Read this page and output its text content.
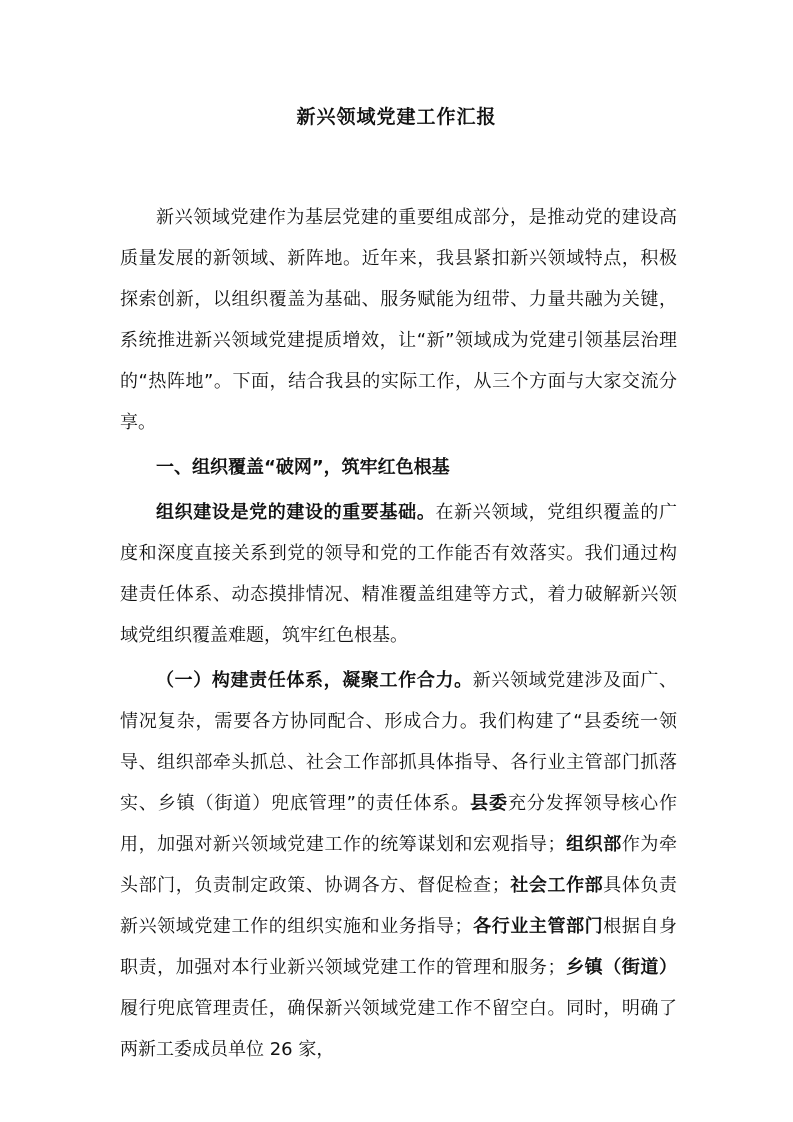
新兴领域党建工作汇报

新兴领域党建作为基层党建的重要组成部分，是推动党的建设高质量发展的新领域、新阵地。近年来，我县紧扣新兴领域特点，积极探索创新，以组织覆盖为基础、服务赋能为纽带、力量共融为关键，系统推进新兴领域党建提质增效，让“新”领域成为党建引领基层治理的“热阵地”。下面，结合我县的实际工作，从三个方面与大家交流分享。

一、组织覆盖“破网”，筑牢红色根基

组织建设是党的建设的重要基础。在新兴领域，党组织覆盖的广度和深度直接关系到党的领导和党的工作能否有效落实。我们通过构建责任体系、动态摸排情况、精准覆盖组建等方式，着力破解新兴领域党组织覆盖难题，筑牢红色根基。

（一）构建责任体系，凝聚工作合力。新兴领域党建涉及面广、情况复杂，需要各方协同配合、形成合力。我们构建了“县委统一领导、组织部牵头抓总、社会工作部抓具体指导、各行业主管部门抓落实、乡镇（街道）兜底管理”的责任体系。县委充分发挥领导核心作用，加强对新兴领域党建工作的统筹谋划和宏观指导；组织部作为牵头部门，负责制定政策、协调各方、督促检查；社会工作部具体负责新兴领域党建工作的组织实施和业务指导；各行业主管部门根据自身职责，加强对本行业新兴领域党建工作的管理和服务；乡镇（街道）履行兜底管理责任，确保新兴领域党建工作不留空白。同时，明确了两新工委成员单位 26 家，
